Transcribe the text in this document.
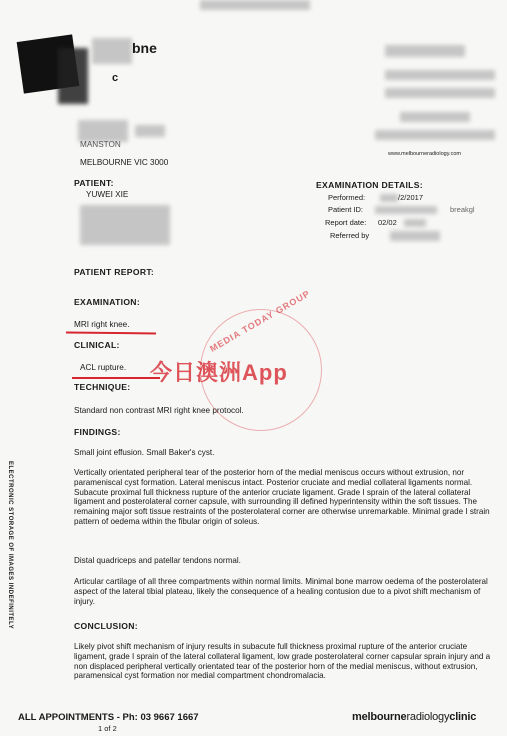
bne
c
MANSTON
MELBOURNE VIC 3000
www.melbourneradiology.com
PATIENT:
YUWEI XIE
EXAMINATION DETAILS:
Performed:	/2/2017
Patient ID:	breakgl
Report date: 02/02
Referred by
PATIENT REPORT:
EXAMINATION:
MRI right knee.
CLINICAL:
ACL rupture.
TECHNIQUE:
Standard non contrast MRI right knee protocol.
FINDINGS:
Small joint effusion. Small Baker's cyst.
Vertically orientated peripheral tear of the posterior horn of the medial meniscus occurs without extrusion, nor parameniscal cyst formation. Lateral meniscus intact. Posterior cruciate and medial collateral ligaments normal. Subacute proximal full thickness rupture of the anterior cruciate ligament. Grade I sprain of the lateral collateral ligament and posterolateral corner capsule, with surrounding ill defined hyperintensity within the soft tissues. The remaining major soft tissue restraints of the posterolateral corner are otherwise unremarkable. Minimal grade I strain pattern of oedema within the fibular origin of soleus.
Distal quadriceps and patellar tendons normal.
Articular cartilage of all three compartments within normal limits. Minimal bone marrow oedema of the posterolateral aspect of the lateral tibial plateau, likely the consequence of a healing contusion due to a pivot shift mechanism of injury.
CONCLUSION:
Likely pivot shift mechanism of injury results in subacute full thickness proximal rupture of the anterior cruciate ligament, grade I sprain of the lateral collateral ligament, low grade posterolateral corner capsular sprain injury and a non displaced peripheral vertically orientated tear of the posterior horn of the medial meniscus, without extrusion, paramensical cyst formation nor medial compartment chondromalacia.
MEDIA TODAY GROUP
今日澳洲App
ELECTRONIC STORAGE OF IMAGES INDEFINITELY
ALL APPOINTMENTS - Ph: 03 9667 1667
1 of 2
melbourneradiologyclinic
